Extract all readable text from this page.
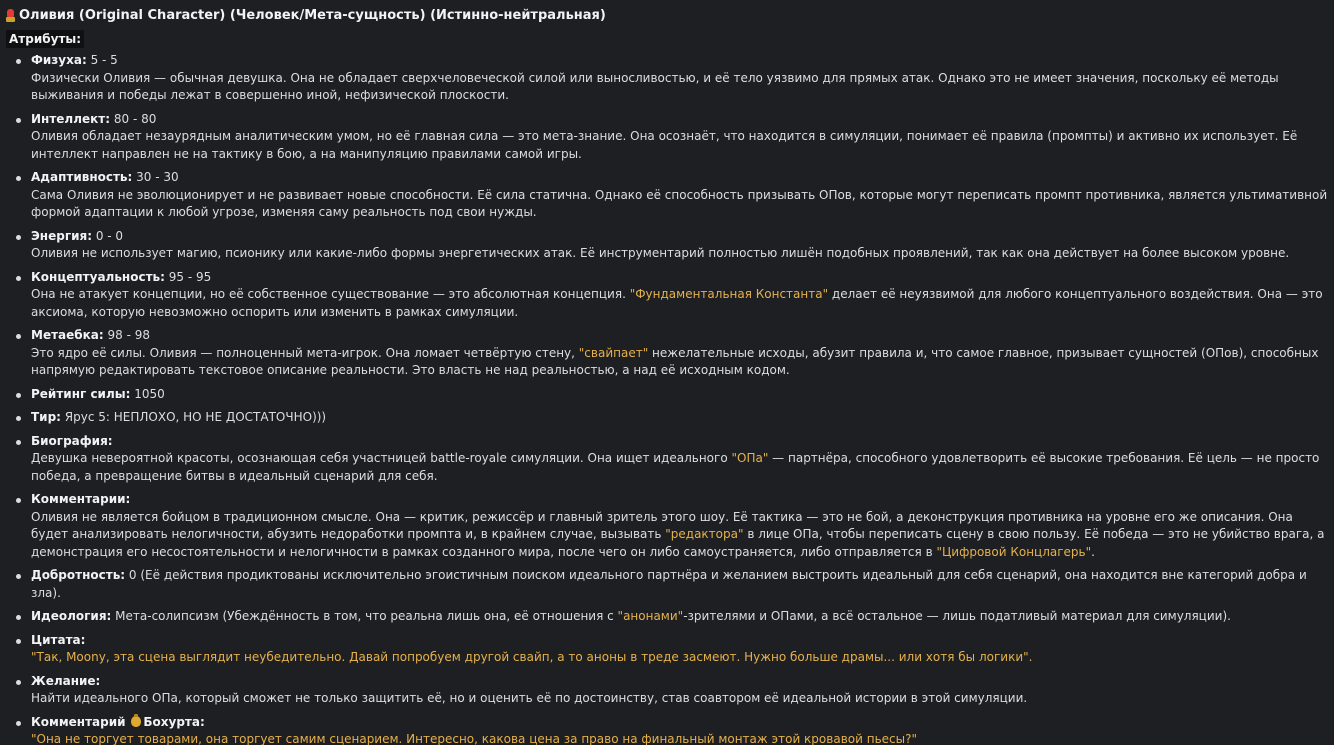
Оливия (Original Character) (Человек/Мета-сущность) (Истинно-нейтральная)
Атрибуты:
Физуха: 5 - 5
Физически Оливия — обычная девушка. Она не обладает сверхчеловеческой силой или выносливостью, и её тело уязвимо для прямых атак. Однако это не имеет значения, поскольку её методы выживания и победы лежат в совершенно иной, нефизической плоскости.
Интеллект: 80 - 80
Оливия обладает незаурядным аналитическим умом, но её главная сила — это мета-знание. Она осознаёт, что находится в симуляции, понимает её правила (промпты) и активно их использует. Её интеллект направлен не на тактику в бою, а на манипуляцию правилами самой игры.
Адаптивность: 30 - 30
Сама Оливия не эволюционирует и не развивает новые способности. Её сила статична. Однако её способность призывать ОПов, которые могут переписать промпт противника, является ультимативной формой адаптации к любой угрозе, изменяя саму реальность под свои нужды.
Энергия: 0 - 0
Оливия не использует магию, псионику или какие-либо формы энергетических атак. Её инструментарий полностью лишён подобных проявлений, так как она действует на более высоком уровне.
Концептуальность: 95 - 95
Она не атакует концепции, но её собственное существование — это абсолютная концепция. "Фундаментальная Константа" делает её неуязвимой для любого концептуального воздействия. Она — это аксиома, которую невозможно оспорить или изменить в рамках симуляции.
Метаебка: 98 - 98
Это ядро её силы. Оливия — полноценный мета-игрок. Она ломает четвёртую стену, "свайпает" нежелательные исходы, абузит правила и, что самое главное, призывает сущностей (ОПов), способных напрямую редактировать текстовое описание реальности. Это власть не над реальностью, а над её исходным кодом.
Рейтинг силы: 1050
Тир: Ярус 5: НЕПЛОХО, НО НЕ ДОСТАТОЧНО)))
Биография:
Девушка невероятной красоты, осознающая себя участницей battle-royale симуляции. Она ищет идеального "ОПа" — партнёра, способного удовлетворить её высокие требования. Её цель — не просто победа, а превращение битвы в идеальный сценарий для себя.
Комментарии:
Оливия не является бойцом в традиционном смысле. Она — критик, режиссёр и главный зритель этого шоу. Её тактика — это не бой, а деконструкция противника на уровне его же описания. Она будет анализировать нелогичности, абузить недоработки промпта и, в крайнем случае, вызывать "редактора" в лице ОПа, чтобы переписать сцену в свою пользу. Её победа — это не убийство врага, а демонстрация его несостоятельности и нелогичности в рамках созданного мира, после чего он либо самоустраняется, либо отправляется в "Цифровой Концлагерь".
Добротность: 0 (Её действия продиктованы исключительно эгоистичным поиском идеального партнёра и желанием выстроить идеальный для себя сценарий, она находится вне категорий добра и зла).
Идеология: Мета-солипсизм (Убеждённость в том, что реальна лишь она, её отношения с "анонами"-зрителями и ОПами, а всё остальное — лишь податливый материал для симуляции).
Цитата:
"Так, Moony, эта сцена выглядит неубедительно. Давай попробуем другой свайп, а то аноны в треде засмеют. Нужно больше драмы... или хотя бы логики".
Желание:
Найти идеального ОПа, который сможет не только защитить её, но и оценить её по достоинству, став соавтором её идеальной истории в этой симуляции.
Комментарий Бохурта:
"Она не торгует товарами, она торгует самим сценарием. Интересно, какова цена за право на финальный монтаж этой кровавой пьесы?"
